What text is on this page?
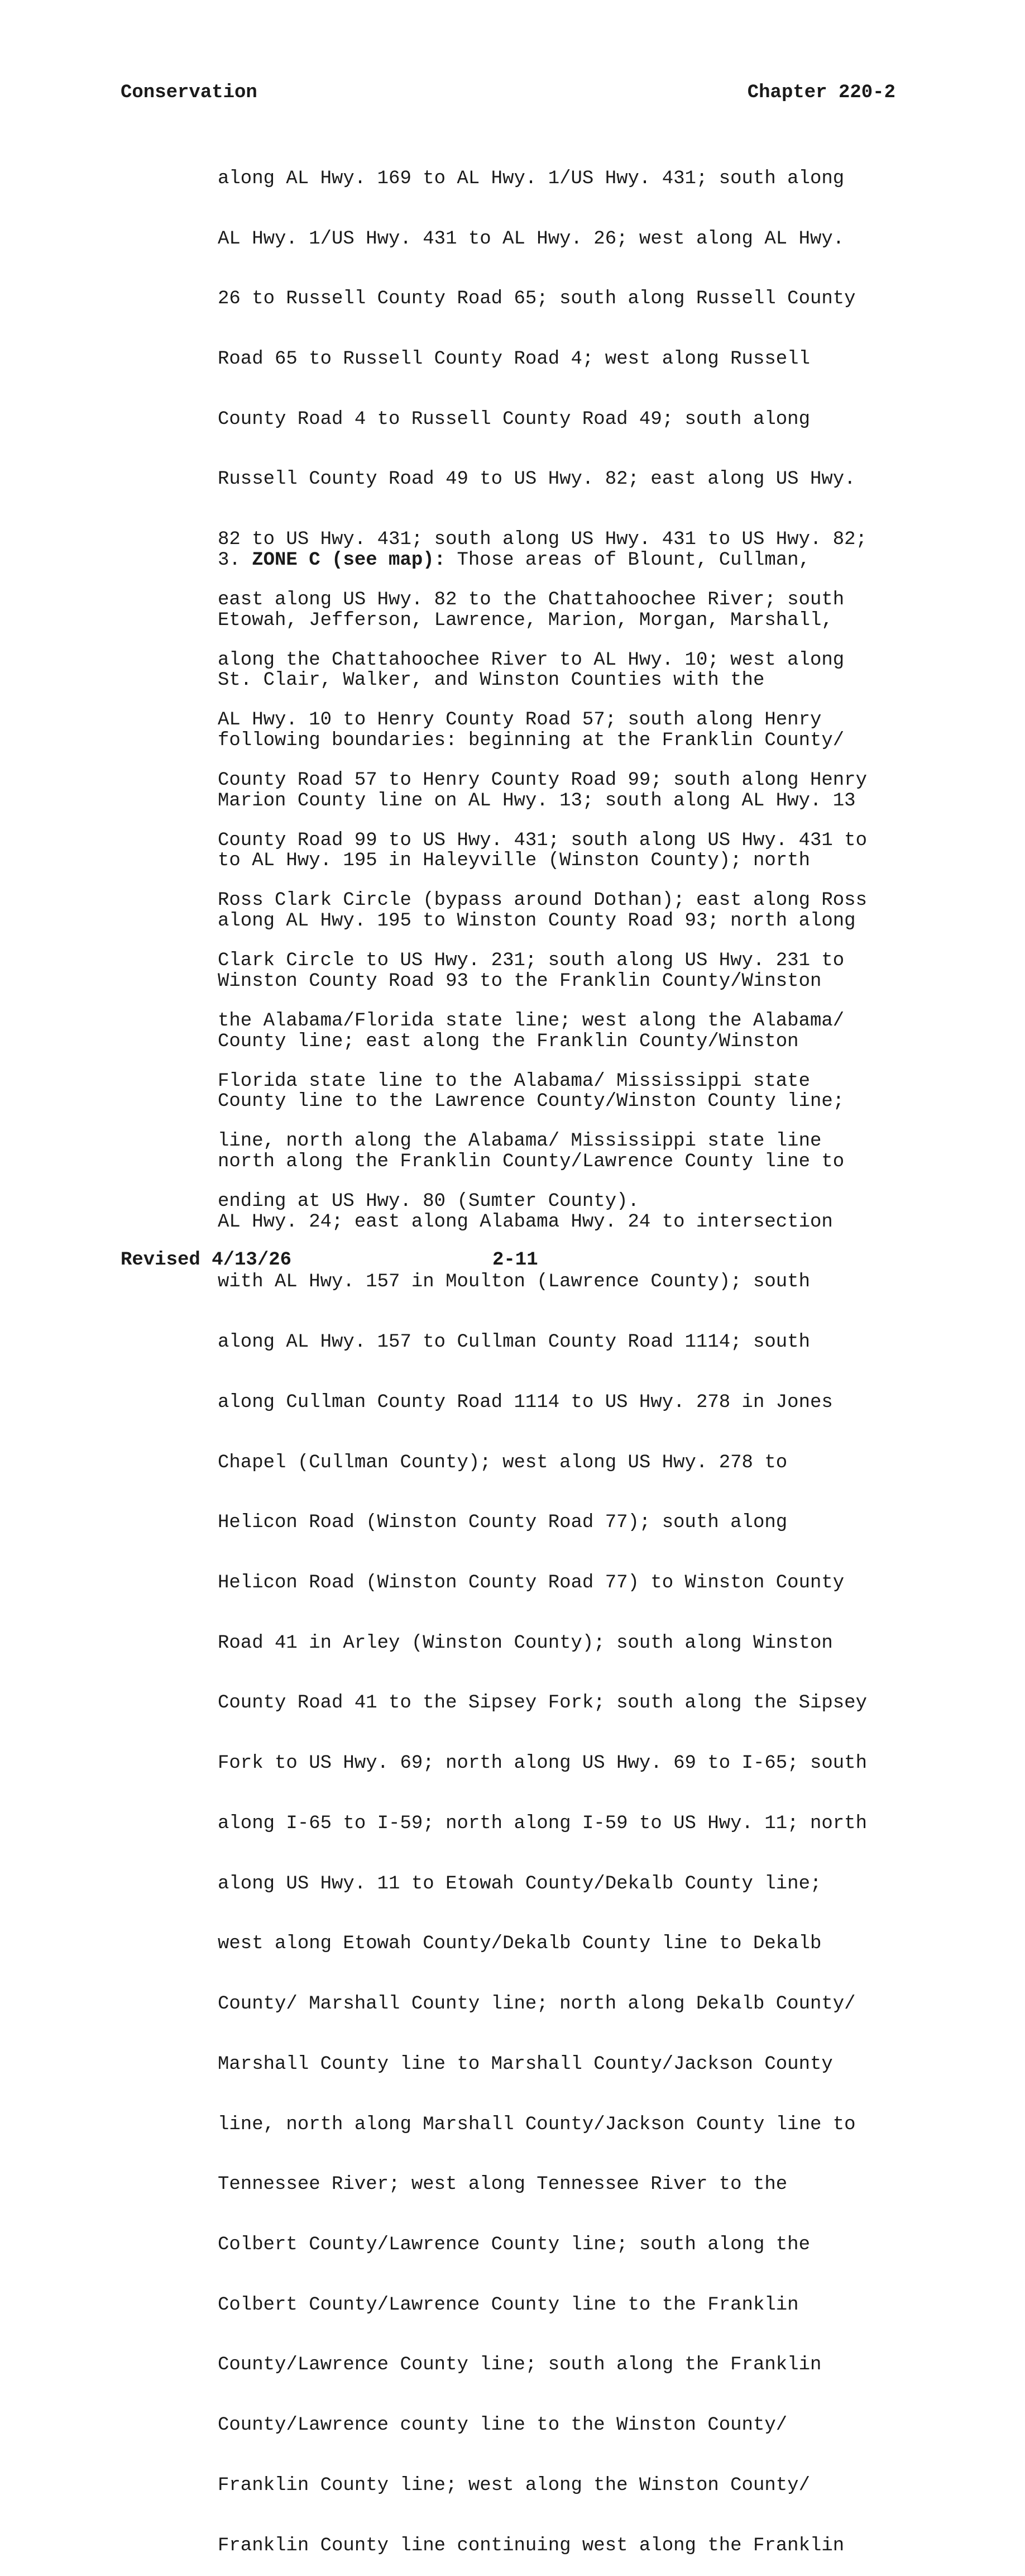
Conservation	Chapter 220-2

along AL Hwy. 169 to AL Hwy. 1/US Hwy. 431; south along

AL Hwy. 1/US Hwy. 431 to AL Hwy. 26; west along AL Hwy.

26 to Russell County Road 65; south along Russell County

Road 65 to Russell County Road 4; west along Russell

County Road 4 to Russell County Road 49; south along

Russell County Road 49 to US Hwy. 82; east along US Hwy.

82 to US Hwy. 431; south along US Hwy. 431 to US Hwy. 82;

east along US Hwy. 82 to the Chattahoochee River; south

along the Chattahoochee River to AL Hwy. 10; west along

AL Hwy. 10 to Henry County Road 57; south along Henry

County Road 57 to Henry County Road 99; south along Henry

County Road 99 to US Hwy. 431; south along US Hwy. 431 to

Ross Clark Circle (bypass around Dothan); east along Ross

Clark Circle to US Hwy. 231; south along US Hwy. 231 to

the Alabama/Florida state line; west along the Alabama/

Florida state line to the Alabama/ Mississippi state

line, north along the Alabama/ Mississippi state line

ending at US Hwy. 80 (Sumter County).

3. ZONE C (see map): Those areas of Blount, Cullman,

Etowah, Jefferson, Lawrence, Marion, Morgan, Marshall,

St. Clair, Walker, and Winston Counties with the

following boundaries: beginning at the Franklin County/

Marion County line on AL Hwy. 13; south along AL Hwy. 13

to AL Hwy. 195 in Haleyville (Winston County); north

along AL Hwy. 195 to Winston County Road 93; north along

Winston County Road 93 to the Franklin County/Winston

County line; east along the Franklin County/Winston

County line to the Lawrence County/Winston County line;

north along the Franklin County/Lawrence County line to

AL Hwy. 24; east along Alabama Hwy. 24 to intersection

with AL Hwy. 157 in Moulton (Lawrence County); south

along AL Hwy. 157 to Cullman County Road 1114; south

along Cullman County Road 1114 to US Hwy. 278 in Jones

Chapel (Cullman County); west along US Hwy. 278 to

Helicon Road (Winston County Road 77); south along

Helicon Road (Winston County Road 77) to Winston County

Road 41 in Arley (Winston County); south along Winston

County Road 41 to the Sipsey Fork; south along the Sipsey

Fork to US Hwy. 69; north along US Hwy. 69 to I-65; south

along I-65 to I-59; north along I-59 to US Hwy. 11; north

along US Hwy. 11 to Etowah County/Dekalb County line;

west along Etowah County/Dekalb County line to Dekalb

County/ Marshall County line; north along Dekalb County/

Marshall County line to Marshall County/Jackson County

line, north along Marshall County/Jackson County line to

Tennessee River; west along Tennessee River to the

Colbert County/Lawrence County line; south along the

Colbert County/Lawrence County line to the Franklin

County/Lawrence County line; south along the Franklin

County/Lawrence county line to the Winston County/

Franklin County line; west along the Winston County/

Franklin County line continuing west along the Franklin

Revised 4/13/26	2-11
